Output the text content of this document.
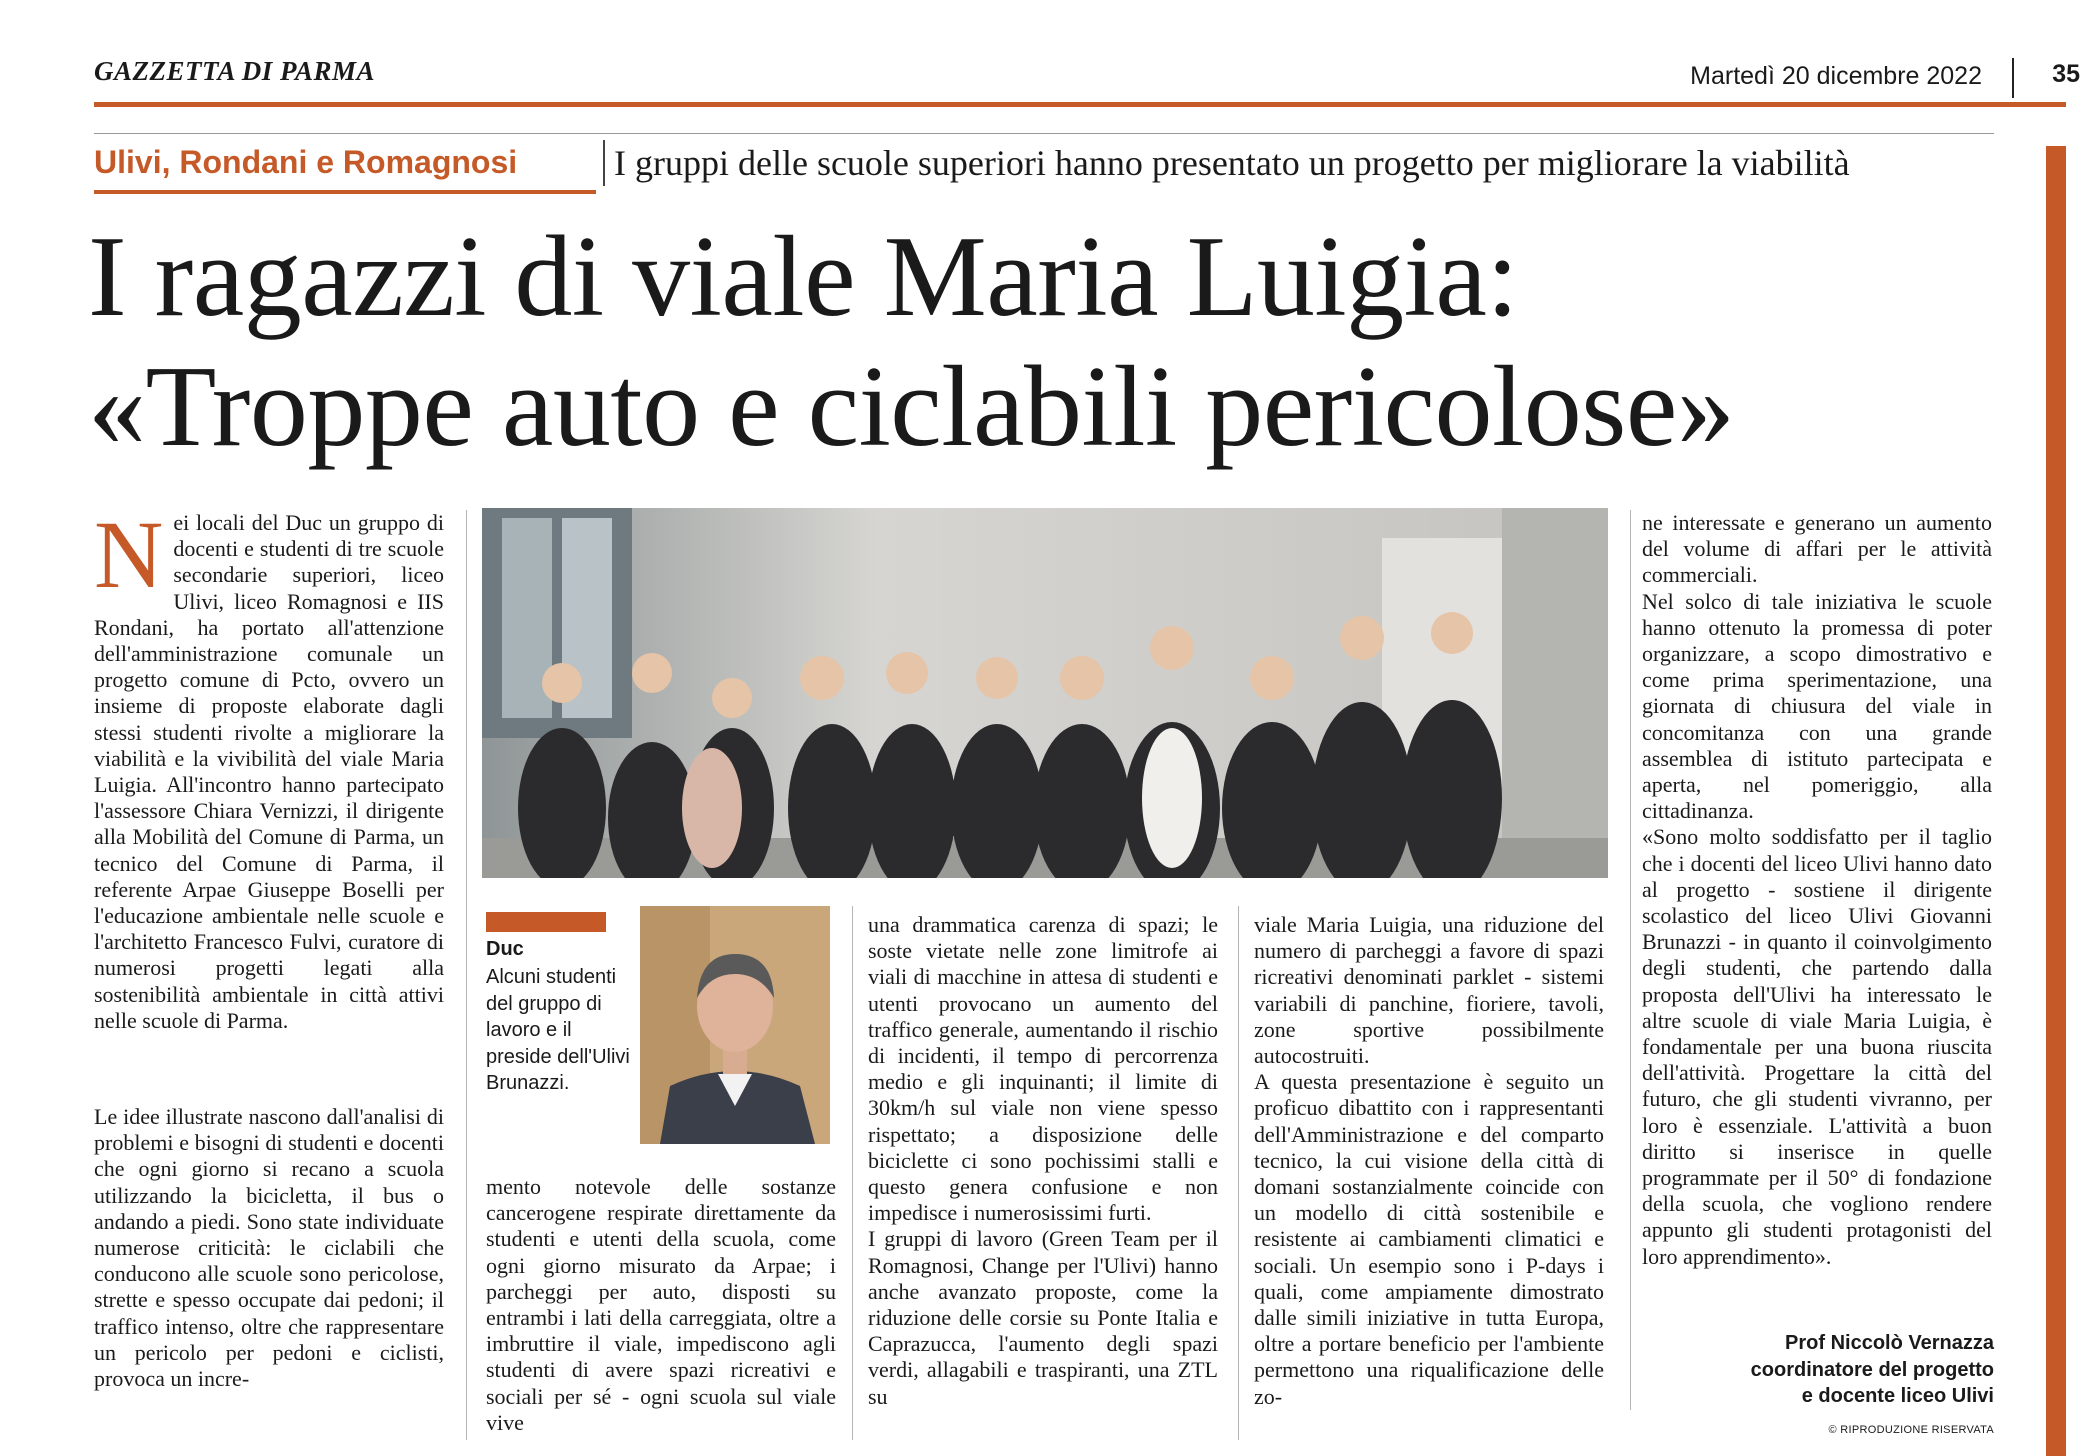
GAZZETTA DI PARMA	Martedì 20 dicembre 2022	35
Ulivi, Rondani e Romagnosi	I gruppi delle scuole superiori hanno presentato un progetto per migliorare la viabilità
I ragazzi di viale Maria Luigia:
«Troppe auto e ciclabili pericolose»
N ei locali del Duc un gruppo di docenti e studenti di tre scuole secondarie superiori, liceo Ulivi, liceo Romagnosi e IIS Rondani, ha portato all'attenzione dell'amministrazione comunale un progetto comune di Pcto, ovvero un insieme di proposte elaborate dagli stessi studenti rivolte a migliorare la viabilità e la vivibilità del viale Maria Luigia. All'incontro hanno partecipato l'assessore Chiara Vernizzi, il dirigente alla Mobilità del Comune di Parma, un tecnico del Comune di Parma, il referente Arpae Giuseppe Boselli per l'educazione ambientale nelle scuole e l'architetto Francesco Fulvi, curatore di numerosi progetti legati alla sostenibilità ambientale in città attivi nelle scuole di Parma.

Le idee illustrate nascono dall'analisi di problemi e bisogni di studenti e docenti che ogni giorno si recano a scuola utilizzando la bicicletta, il bus o andando a piedi. Sono state individuate numerose criticità: le ciclabili che conducono alle scuole sono pericolose, strette e spesso occupate dai pedoni; il traffico intenso, oltre che rappresentare un pericolo per pedoni e ciclisti, provoca un incre-

Duc
Alcuni studenti del gruppo di lavoro e il preside dell'Ulivi Brunazzi.

mento notevole delle sostanze cancerogene respirate direttamente da studenti e utenti della scuola, come ogni giorno misurato da Arpae; i parcheggi per auto, disposti su entrambi i lati della carreggiata, oltre a imbruttire il viale, impediscono agli studenti di avere spazi ricreativi e sociali per sé - ogni scuola sul viale vive

una drammatica carenza di spazi; le soste vietate nelle zone limitrofe ai viali di macchine in attesa di studenti e utenti provocano un aumento del traffico generale, aumentando il rischio di incidenti, il tempo di percorrenza medio e gli inquinanti; il limite di 30km/h sul viale non viene spesso rispettato; a disposizione delle biciclette ci sono pochissimi stalli e questo genera confusione e non impedisce i numerosissimi furti.

I gruppi di lavoro (Green Team per il Romagnosi, Change per l'Ulivi) hanno anche avanzato proposte, come la riduzione delle corsie su Ponte Italia e Caprazucca, l'aumento degli spazi verdi, allagabili e traspiranti, una ZTL su

viale Maria Luigia, una riduzione del numero di parcheggi a favore di spazi ricreativi denominati parklet - sistemi variabili di panchine, fioriere, tavoli, zone sportive possibilmente autocostruiti.

A questa presentazione è seguito un proficuo dibattito con i rappresentanti dell'Amministrazione e del comparto tecnico, la cui visione della città di domani sostanzialmente coincide con un modello di città sostenibile e resistente ai cambiamenti climatici e sociali. Un esempio sono i P-days i quali, come ampiamente dimostrato dalle simili iniziative in tutta Europa, oltre a portare beneficio per l'ambiente permettono una riqualificazione delle zo-

ne interessate e generano un aumento del volume di affari per le attività commerciali.

Nel solco di tale iniziativa le scuole hanno ottenuto la promessa di poter organizzare, a scopo dimostrativo e come prima sperimentazione, una giornata di chiusura del viale in concomitanza con una grande assemblea di istituto partecipata e aperta, nel pomeriggio, alla cittadinanza.

«Sono molto soddisfatto per il taglio che i docenti del liceo Ulivi hanno dato al progetto - sostiene il dirigente scolastico del liceo Ulivi Giovanni Brunazzi - in quanto il coinvolgimento degli studenti, che partendo dalla proposta dell'Ulivi ha interessato le altre scuole di viale Maria Luigia, è fondamentale per una buona riuscita dell'attività. Progettare la città del futuro, che gli studenti vivranno, per loro è essenziale. L'attività a buon diritto si inserisce in quelle programmate per il 50° di fondazione della scuola, che vogliono rendere appunto gli studenti protagonisti del loro apprendimento».

Prof Niccolò Vernazza
coordinatore del progetto
e docente liceo Ulivi
© RIPRODUZIONE RISERVATA
